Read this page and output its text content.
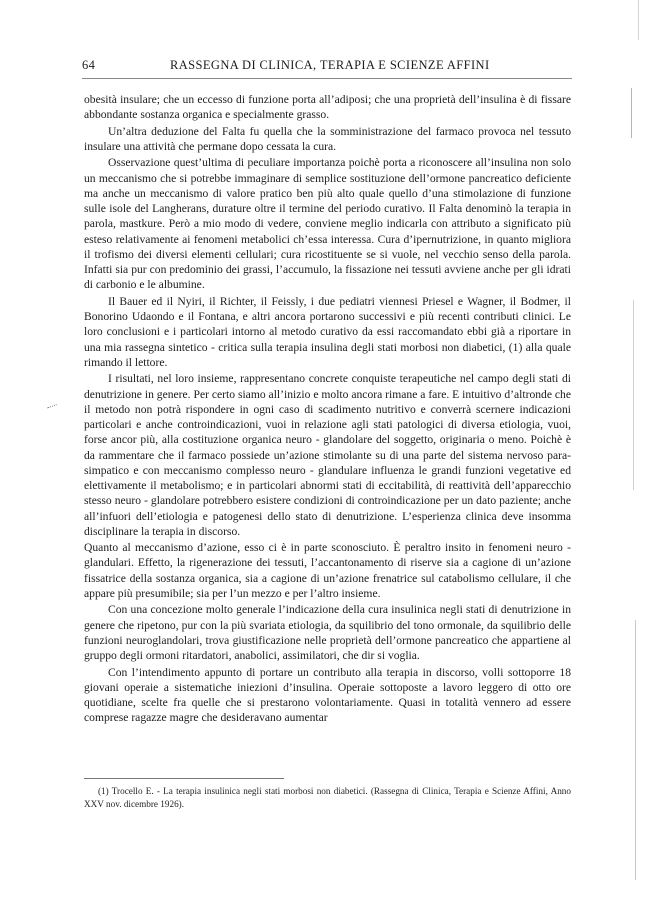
64	RASSEGNA DI CLINICA, TERAPIA E SCIENZE AFFINI

obesità insulare; che un eccesso di funzione porta all’adiposi; che una proprietà dell’insulina è di fissare abbondante sostanza organica e specialmente grasso.

Un’altra deduzione del Falta fu quella che la somministrazione del farmaco provoca nel tessuto insulare una attività che permane dopo cessata la cura.

Osservazione quest’ultima di peculiare importanza poichè porta a riconoscere all’insulina non solo un meccanismo che si potrebbe immaginare di semplice sostituzione dell’ormone pancreatico deficiente ma anche un meccanismo di valore pratico ben più alto quale quello d’una stimolazione di funzione sulle isole del Langherans, durature oltre il termine del periodo curativo. Il Falta denominò la terapia in parola, mastkure. Però a mio modo di vedere, conviene meglio indicarla con attributo a significato più esteso relativamente ai fenomeni metabolici ch’essa interessa. Cura d’ipernutrizione, in quanto migliora il trofismo dei diversi elementi cellulari; cura ricostituente se si vuole, nel vecchio senso della parola. Infatti sia pur con predominio dei grassi, l’accumulo, la fissazione nei tessuti avviene anche per gli idrati di carbonio e le albumine.

Il Bauer ed il Nyiri, il Richter, il Feissly, i due pediatri viennesi Priesel e Wagner, il Bodmer, il Bonorino Udaondo e il Fontana, e altri ancora portarono successivi e più recenti contributi clinici. Le loro conclusioni e i particolari intorno al metodo curativo da essi raccomandato ebbi già a riportare in una mia rassegna sintetico - critica sulla terapia insulina degli stati morbosi non diabetici, (1) alla quale rimando il lettore.

I risultati, nel loro insieme, rappresentano concrete conquiste terapeutiche nel campo degli stati di denutrizione in genere. Per certo siamo all’inizio e molto ancora rimane a fare. E intuitivo d’altronde che il metodo non potrà rispondere in ogni caso di scadimento nutritivo e converrà scernere indicazioni particolari e anche controindicazioni, vuoi in relazione agli stati patologici di diversa etiologia, vuoi, forse ancor più, alla costituzione organica neuro - glandolare del soggetto, originaria o meno. Poichè è da rammentare che il farmaco possiede un’azione stimolante su di una parte del sistema nervoso parasimpatico e con meccanismo complesso neuro - glandulare influenza le grandi funzioni vegetative ed elettivamente il metabolismo; e in particolari abnormi stati di eccitabilità, di reattività dell’apparecchio stesso neuro - glandolare potrebbero esistere condizioni di controindicazione per un dato paziente; anche all’infuori dell’etiologia e patogenesi dello stato di denutrizione. L’esperienza clinica deve insomma disciplinare la terapia in discorso.

Quanto al meccanismo d’azione, esso ci è in parte sconosciuto. È peraltro insito in fenomeni neuro - glandulari. Effetto, la rigenerazione dei tessuti, l’accantonamento di riserve sia a cagione di un’azione fissatrice della sostanza organica, sia a cagione di un’azione frenatrice sul catabolismo cellulare, il che appare più presumibile; sia per l’un mezzo e per l’altro insieme.

Con una concezione molto generale l’indicazione della cura insulinica negli stati di denutrizione in genere che ripetono, pur con la più svariata etiologia, da squilibrio del tono ormonale, da squilibrio delle funzioni neuroglandolari, trova giustificazione nelle proprietà dell’ormone pancreatico che appartiene al gruppo degli ormoni ritardatori, anabolici, assimilatori, che dir si voglia.

Con l’intendimento appunto di portare un contributo alla terapia in discorso, volli sottoporre 18 giovani operaie a sistematiche iniezioni d’insulina. Operaie sottoposte a lavoro leggero di otto ore quotidiane, scelte fra quelle che si prestarono volontariamente. Quasi in totalità vennero ad essere comprese ragazze magre che desideravano aumentar

(1) Trocello E. - La terapia insulinica negli stati morbosi non diabetici. (Rassegna di Clinica, Terapia e Scienze Affini, Anno XXV nov. dicembre 1926).
